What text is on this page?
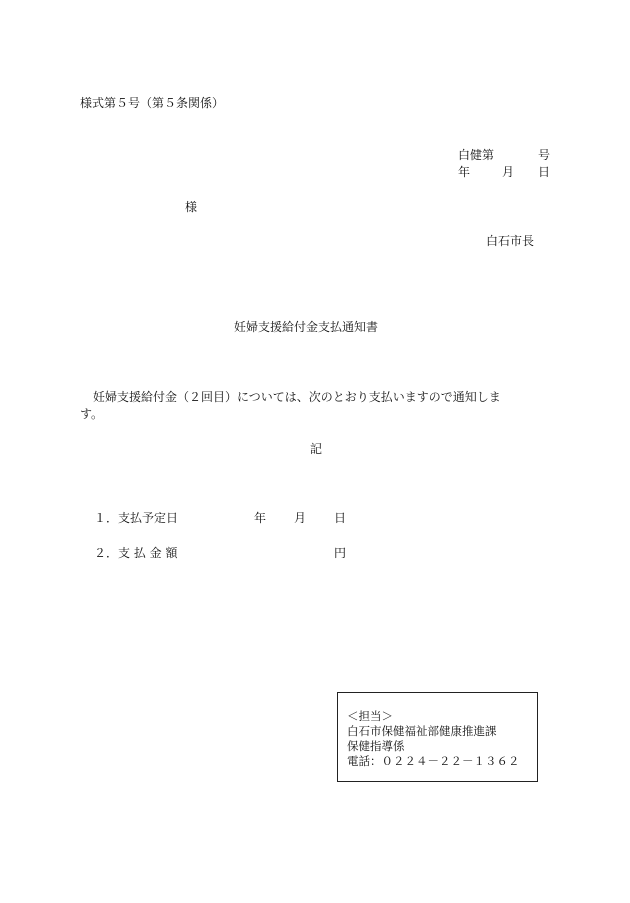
様式第５号（第５条関係）
白健第	号
年	月 日
様
白石市長
妊婦支援給付金支払通知書
妊婦支援給付金（２回目）については、次のとおり支払いますので通知しま
す。
記
１．支払予定日	年 月 日
２．支 払 金 額	円
＜担当＞
白石市保健福祉部健康推進課
保健指導係
電話：０２２４－２２－１３６２
